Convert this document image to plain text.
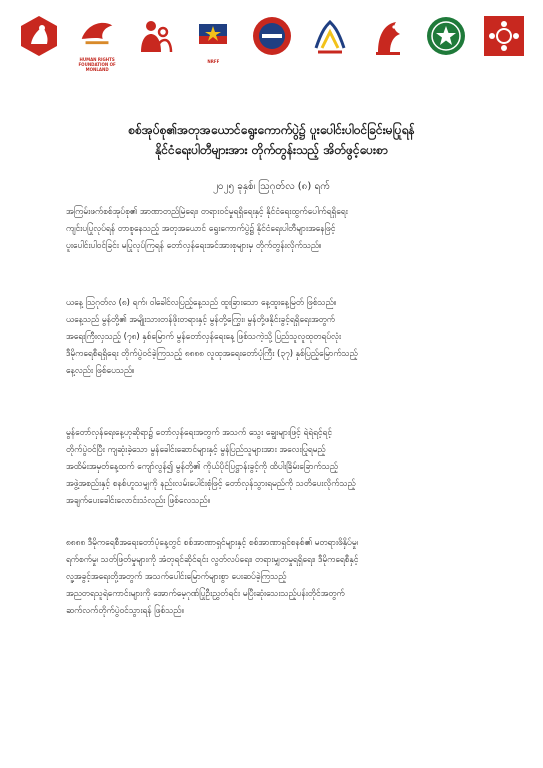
HUMAN RIGHTS
FOUNDATION OF
MONLAND
NRFF
စစ်အုပ်စု၏အတုအယောင်ရွေးကောက်ပွဲ၌ ပူးပေါင်းပါဝင်ခြင်းမပြုရန်
နိုင်ငံရေးပါတီများအား တိုက်တွန်းသည့် အိတ်ဖွင့်ပေးစာ
၂၀၂၅ ခုနှစ်၊ ဩဂုတ်လ (၈) ရက်
အကြမ်းဖက်စစ်အုပ်စု၏ အာဏာတည်မြဲရေး၊ တရားဝင်မှုရရှိရေးနှင့် နိုင်ငံရေးထွက်ပေါက်ရရှိရေး
ကျင်းပပြုလုပ်ရန် တာစူနေသည့် အတုအယောင် ရွေးကောက်ပွဲ၌ နိုင်ငံရေးပါတီများအနေဖြင့်
ပူးပေါင်းပါဝင်ခြင်း မပြုလုပ်ကြရန် တော်လှန်ရေးအင်အားစုများမှ တိုက်တွန်းလိုက်သည်။
ယနေ့ ဩဂုတ်လ (၈) ရက်၊ ဝါခေါင်လပြည့်နေ့သည် ထူးခြားသော နေ့ထူးနေ့မြတ် ဖြစ်သည်။
ယနေ့သည် မွန်တို့၏ အမျိုးသားတန်ဖိုးတရားနှင့် မွန်တို့ကြွေး၊ မွန်တို့ဖနိုင်းခွင့်ရရှိရေးအတွက်
အရေးကြီးလှသည့် (၇၈) နှစ်မြောက် မွန်တော်လှန်ရေးနေ့ ဖြစ်သကဲ့သို့ ပြည်သူလူထုတရပ်လုံး
ဒီမိုကရေစီရရှိရေး တိုက်ပွဲဝင်ခဲ့ကြသည့် ၈၈၈၈ လူထုအရေးတော်ပုံကြီး (၃၇) နှစ်ပြည့်မြောက်သည့်
နေ့လည်း ဖြစ်ပေသည်။
မွန်တော်လှန်ရေးနေ့ဟုဆိုရာ၌ တော်လှန်ရေးအတွက် အသက် သွေး ချွေးများဖြင့် ရဲရဲရင့်ရင့်
တိုက်ပွဲဝင်ပြီး ကျဆုံးခဲ့သော မွန်ခေါင်းဆောင်များနှင့် မွန်ပြည်သူများအား အလေးပြုရမည့်
အထိမ်းအမှတ်နေ့ထက် ကျော်လွန်၍ မွန်တို့၏ ကိုယ်ပိုင်ပြဋ္ဌာန်းခွင့်ကို ထိပါးခြိမ်းခြောက်သည့်
အဖွဲ့အစည်းနှင့် စနစ်ဟူသမျှကို နည်းလမ်းပေါင်းစုံဖြင့် တော်လှန်သွားရမည်ကို သတိပေးလိုက်သည့်
အချက်ပေးခေါင်းလောင်းသံလည်း ဖြစ်လေသည်။
၈၈၈၈ ဒီမိုကရေစီအရေးတော်ပုံနေ့တွင် စစ်အာဏာရှင်များနှင့် စစ်အာဏာရှင်စနစ်၏ မတရားဖိနှိပ်မှု၊
ရက်စက်မှု၊ သတ်ဖြတ်မှုများကို အံတုရင်ဆိုင်ရင်း လွတ်လပ်ရေး၊ တရားမျှတမှုရရှိရေး၊ ဒီမိုကရေစီနှင့်
လူ့အခွင့်အရေးတို့အတွက် အသက်ပေါင်းမြောက်များစွာ ပေးဆပ်ခဲ့ကြသည့်
အညတရသူရဲကောင်းများကို အောက်မေ့ဂုဏ်ပြုဦးညွှတ်ရင်း မပြီးဆုံးသေးသည့်ပန်းတိုင်အတွက်
ဆက်လက်တိုက်ပွဲဝင်သွားရန် ဖြစ်သည်။
